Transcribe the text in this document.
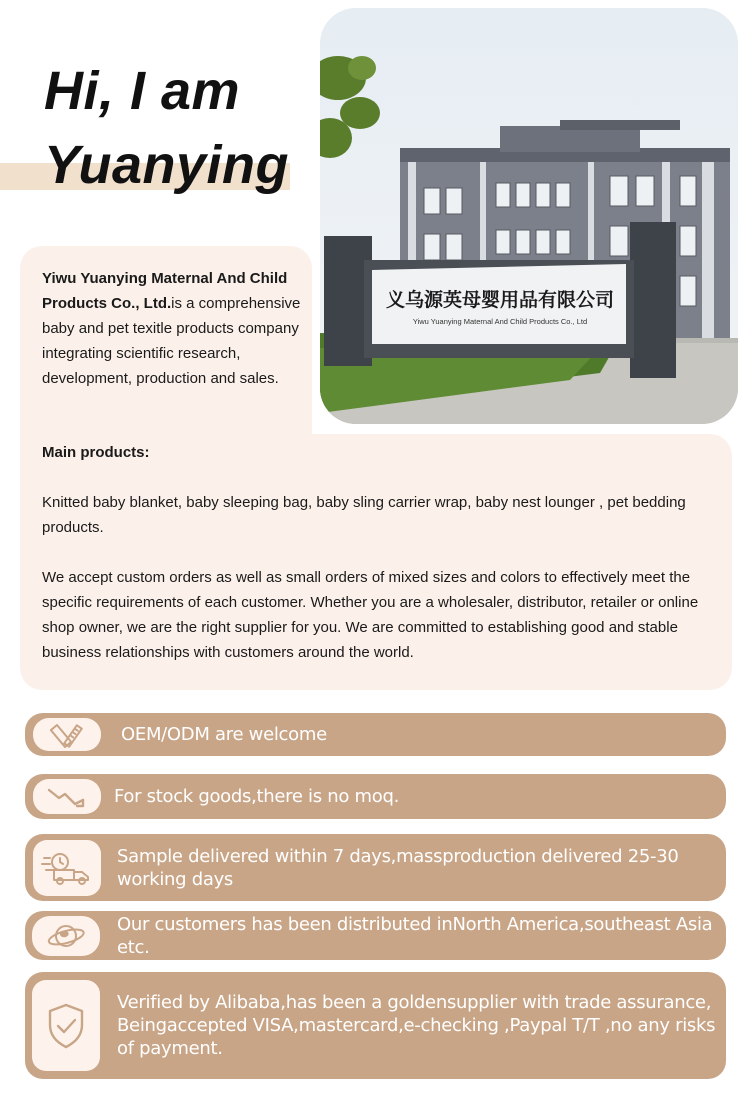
Hi, I am
Yuanying
义乌源英母婴用品有限公司
Yiwu Yuanying Maternal And Child Products Co., Ltd
Yiwu Yuanying Maternal And Child Products Co., Ltd.is a comprehensive baby and pet texitle products company integrating scientific research, development, production and sales.

Main products:

Knitted baby blanket, baby sleeping bag, baby sling carrier wrap, baby nest lounger , pet bedding products.

We accept custom orders as well as small orders of mixed sizes and colors to effectively meet the specific requirements of each customer. Whether you are a wholesaler, distributor, retailer or online shop owner, we are the right supplier for you. We are committed to establishing good and stable business relationships with customers around the world.

OEM/ODM are welcome
For stock goods,there is no moq.
Sample delivered within 7 days,massproduction delivered 25-30 working days
Our customers has been distributed inNorth America,southeast Asia etc.
Verified by Alibaba,has been a goldensupplier with trade assurance, Beingaccepted VISA,mastercard,e-checking ,Paypal T/T ,no any risks of payment.
